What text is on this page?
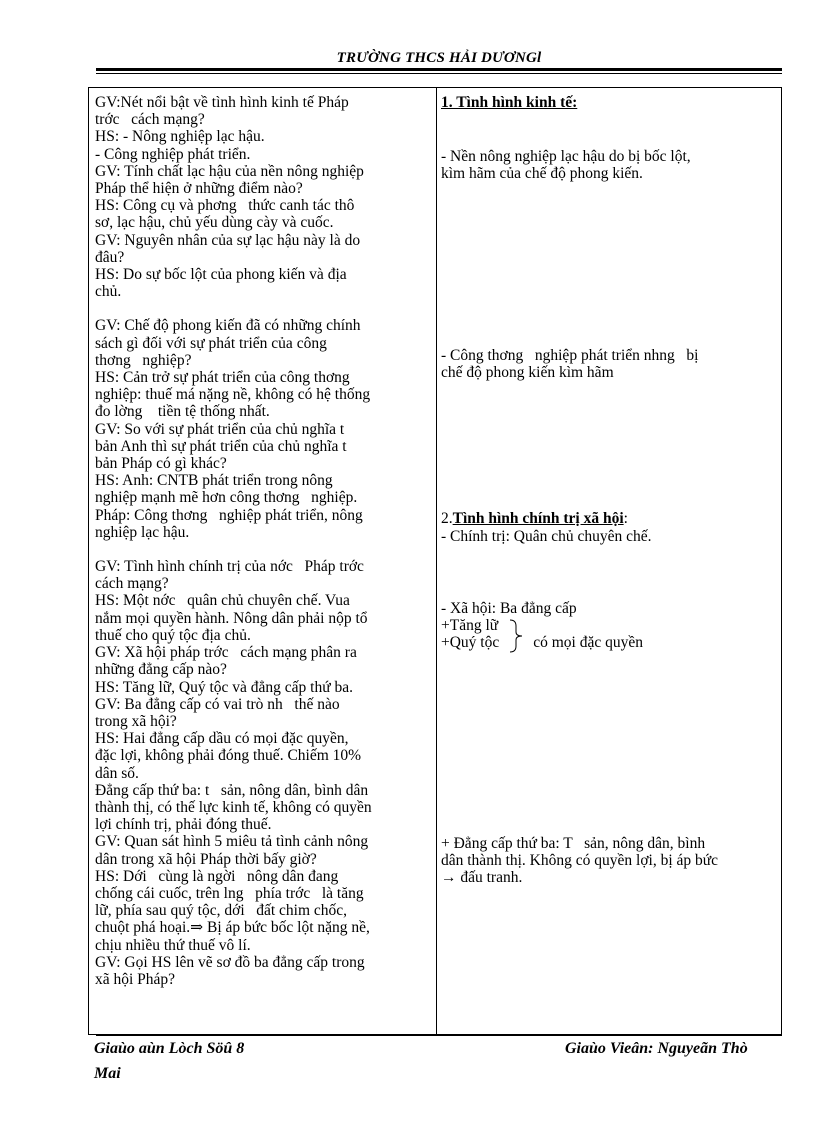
TRƯỜNG THCS HẢI DƯƠNGl
GV:Nét nổi bật về tình hình kinh tế Pháp
trớc   cách mạng?
HS: - Nông nghiệp lạc hậu.
- Công nghiệp phát triển.
GV: Tính chất lạc hậu của nền nông nghiệp
Pháp thể hiện ở những điểm nào?
HS: Công cụ và phơng   thức canh tác thô
sơ, lạc hậu, chủ yếu dùng cày và cuốc.
GV: Nguyên nhân của sự lạc hậu này là do
đâu?
HS: Do sự bốc lột của phong kiến và địa
chủ.
GV: Chế độ phong kiến đã có những chính
sách gì đối với sự phát triển của công
thơng   nghiệp?
HS: Cản trở sự phát triển của công thơng
nghiệp: thuế má nặng nề, không có hệ thống
đo lờng    tiền tệ thống nhất.
GV: So với sự phát triển của chủ nghĩa t
bản Anh thì sự phát triển của chủ nghĩa t
bản Pháp có gì khác?
HS: Anh: CNTB phát triển trong nông
nghiệp mạnh mẽ hơn công thơng   nghiệp.
Pháp: Công thơng   nghiệp phát triển, nông
nghiệp lạc hậu.
GV: Tình hình chính trị của nớc   Pháp trớc
cách mạng?
HS: Một nớc   quân chủ chuyên chế. Vua
nắm mọi quyền hành. Nông dân phải nộp tổ
thuế cho quý tộc địa chủ.
GV: Xã hội pháp trớc   cách mạng phân ra
những đẳng cấp nào?
HS: Tăng lữ, Quý tộc và đẳng cấp thứ ba.
GV: Ba đẳng cấp có vai trò nh   thế nào
trong xã hội?
HS: Hai đẳng cấp dầu có mọi đặc quyền,
đặc lợi, không phải đóng thuế. Chiếm 10%
dân số.
Đẳng cấp thứ ba: t   sản, nông dân, bình dân
thành thị, có thế lực kinh tế, không có quyền
lợi chính trị, phải đóng thuế.
GV: Quan sát hình 5 miêu tả tình cảnh nông
dân trong xã hội Pháp thời bấy giờ?
HS: Dới   cùng là ngời   nông dân đang
chống cái cuốc, trên lng   phía trớc   là tăng
lữ, phía sau quý tộc, dới   đất chim chốc,
chuột phá hoại.⇒ Bị áp bức bốc lột nặng nề,
chịu nhiều thứ thuế vô lí.
GV: Gọi HS lên vẽ sơ đồ ba đẳng cấp trong
xã hội Pháp?
1. Tình hình kinh tế:
- Nền nông nghiệp lạc hậu do bị bốc lột,
kìm hãm của chế độ phong kiến.
- Công thơng   nghiệp phát triển nhng   bị
chế độ phong kiến kìm hãm
2.Tình hình chính trị xã hội:
- Chính trị: Quân chủ chuyên chế.
- Xã hội: Ba đẳng cấp
+Tăng lữ
+Quý tộc có mọi đặc quyền
+ Đẳng cấp thứ ba: T   sản, nông dân, bình
dân thành thị. Không có quyền lợi, bị áp bức
→ đấu tranh.
Giaùo aùn Lòch Söû 8
Mai
Giaùo Vieân: Nguyeãn Thò
